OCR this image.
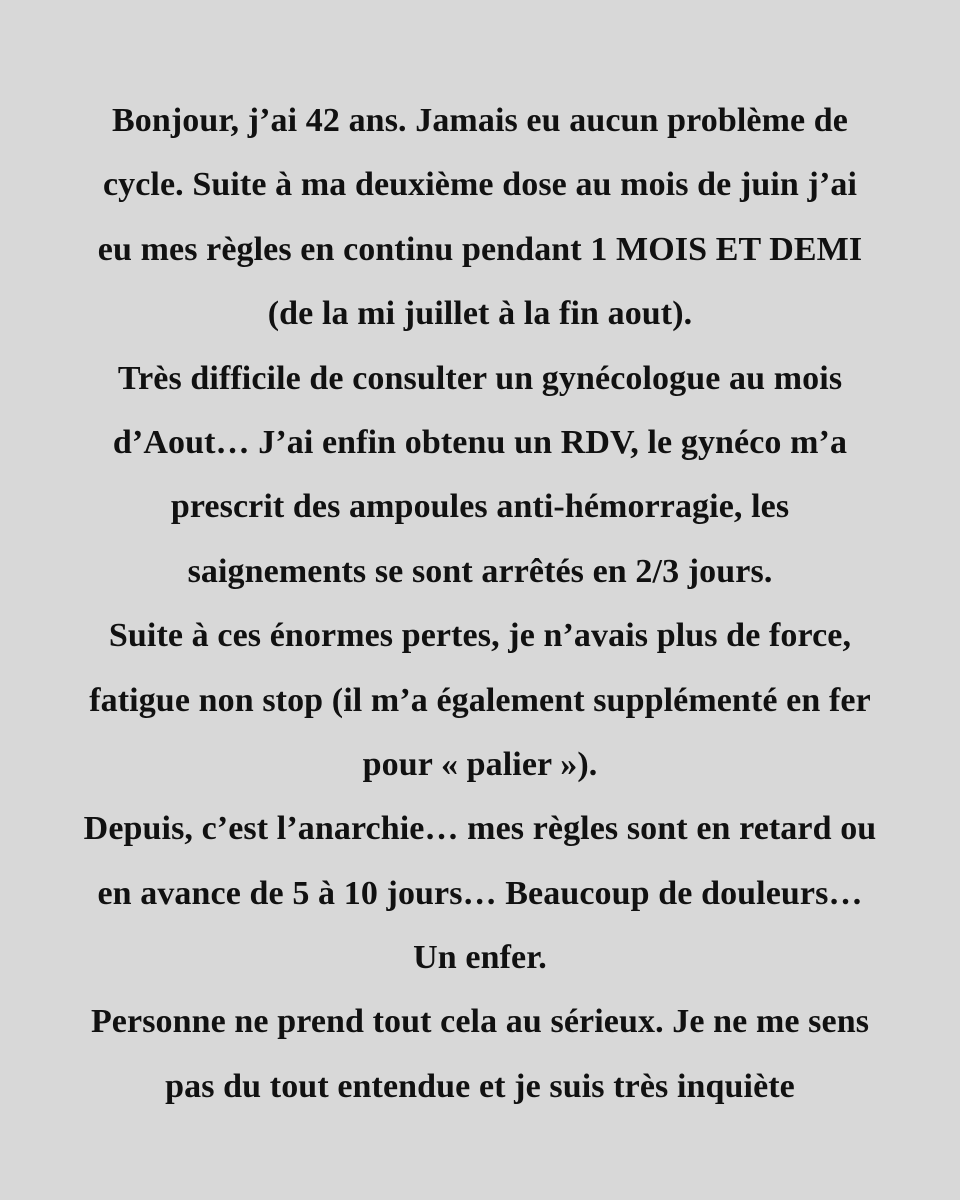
Bonjour, j’ai 42 ans. Jamais eu aucun problème de
cycle. Suite à ma deuxième dose au mois de juin j’ai
eu mes règles en continu pendant 1 MOIS ET DEMI
(de la mi juillet à la fin aout).
Très difficile de consulter un gynécologue au mois
d’Aout… J’ai enfin obtenu un RDV, le gynéco m’a
prescrit des ampoules anti-hémorragie, les
saignements se sont arrêtés en 2/3 jours.
Suite à ces énormes pertes, je n’avais plus de force,
fatigue non stop (il m’a également supplémenté en fer
pour « palier »).
Depuis, c’est l’anarchie… mes règles sont en retard ou
en avance de 5 à 10 jours… Beaucoup de douleurs…
Un enfer.
Personne ne prend tout cela au sérieux. Je ne me sens
pas du tout entendue et je suis très inquiète
